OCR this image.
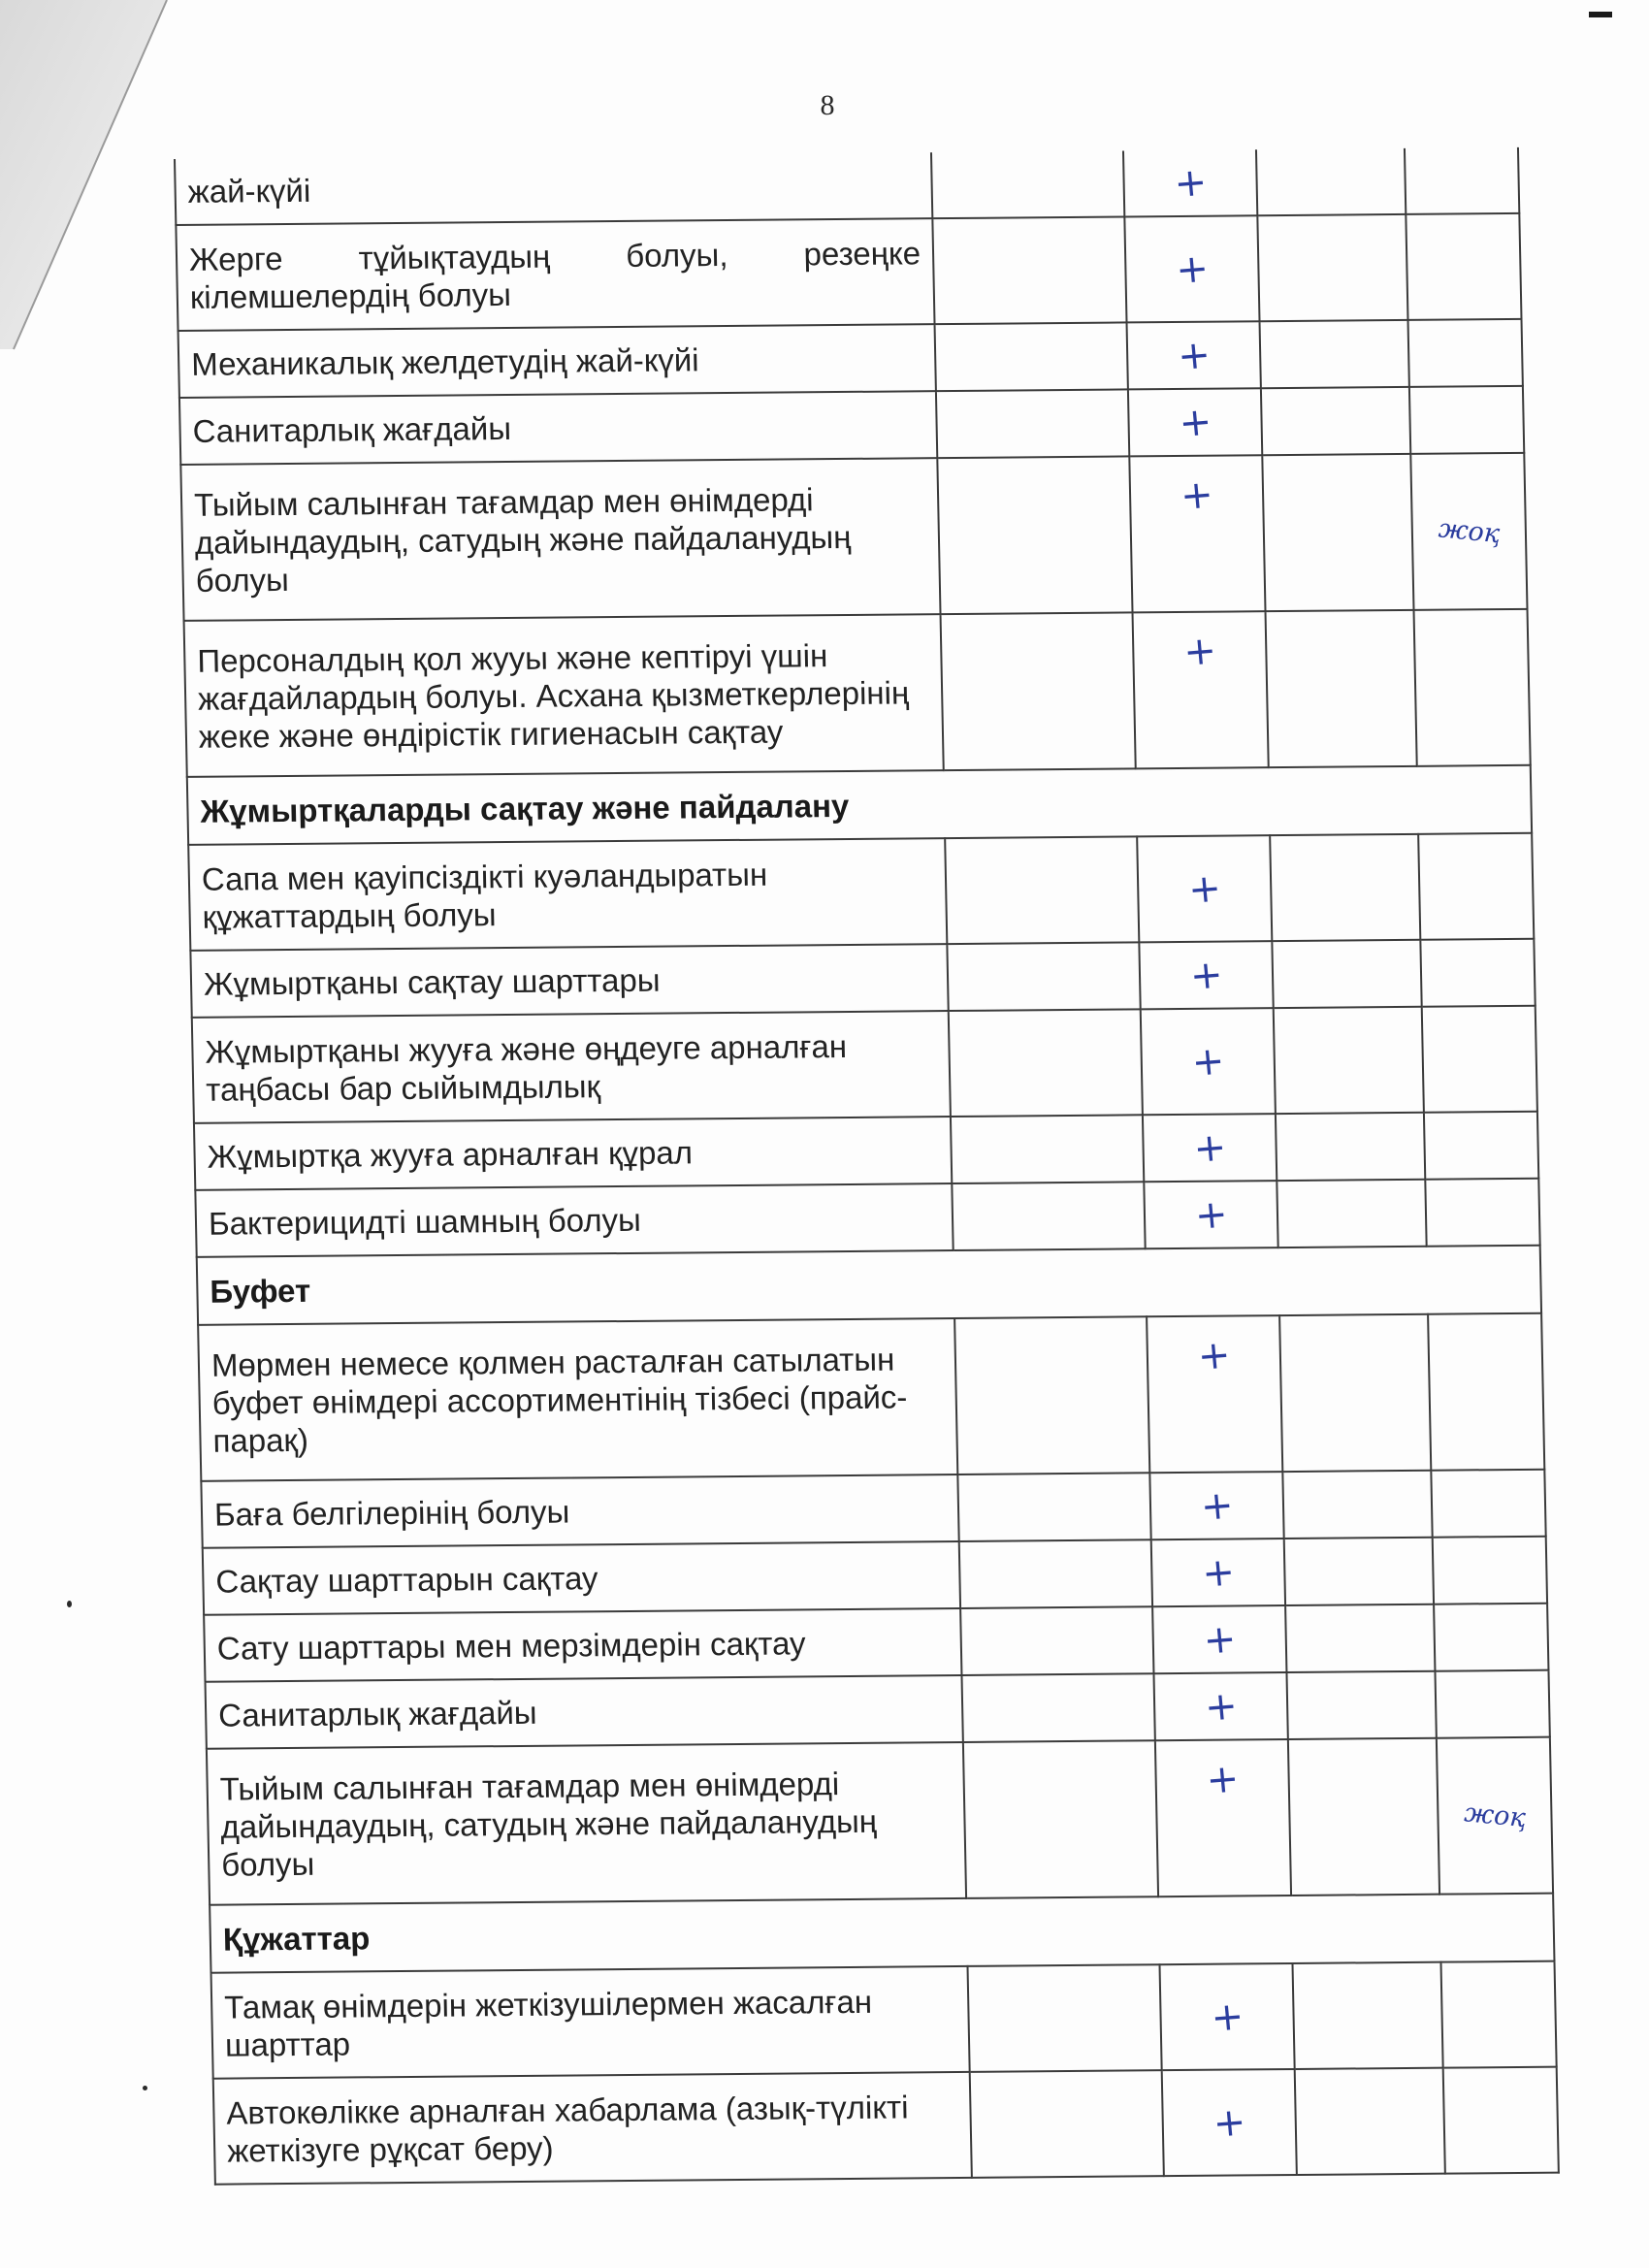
8
жай-күйі		+		

Жерге тұйықтаудың болуы, резеңке
кілемшелердің болуы		+		

Механикалық желдетудің жай-күйі		+		

Санитарлық жағдайы		+		

Тыйым салынған тағамдар мен өнімдерді
дайындаудың, сатудың және пайдаланудың
болуы		+		жоқ

Персоналдың қол жууы және кептіруі үшін
жағдайлардың болуы. Асхана қызметкерлерінің
жеке және өндірістік гигиенасын сақтау		+		

Жұмыртқаларды сақтау және пайдалану				

Сапа мен қауіпсіздікті куәландыратын
құжаттардың болуы		+		

Жұмыртқаны сақтау шарттары		+		

Жұмыртқаны жууға және өңдеуге арналған
таңбасы бар сыйымдылық		+		

Жұмыртқа жууға арналған құрал		+		

Бактерицидті шамның болуы		+		

Буфет				

Мөрмен немесе қолмен расталған сатылатын
буфет өнімдері ассортиментінің тізбесі (прайс-
парақ)		+		

Баға белгілерінің болуы		+		

Сақтау шарттарын сақтау		+		

Сату шарттары мен мерзімдерін сақтау		+		

Санитарлық жағдайы		+		

Тыйым салынған тағамдар мен өнімдерді
дайындаудың, сатудың және пайдаланудың
болуы		+		жоқ

Құжаттар				

Тамақ өнімдерін жеткізушілермен жасалған
шарттар		+		

Автокөлікке арналған хабарлама (азық-түлікті
жеткізуге рұқсат беру)		+		
